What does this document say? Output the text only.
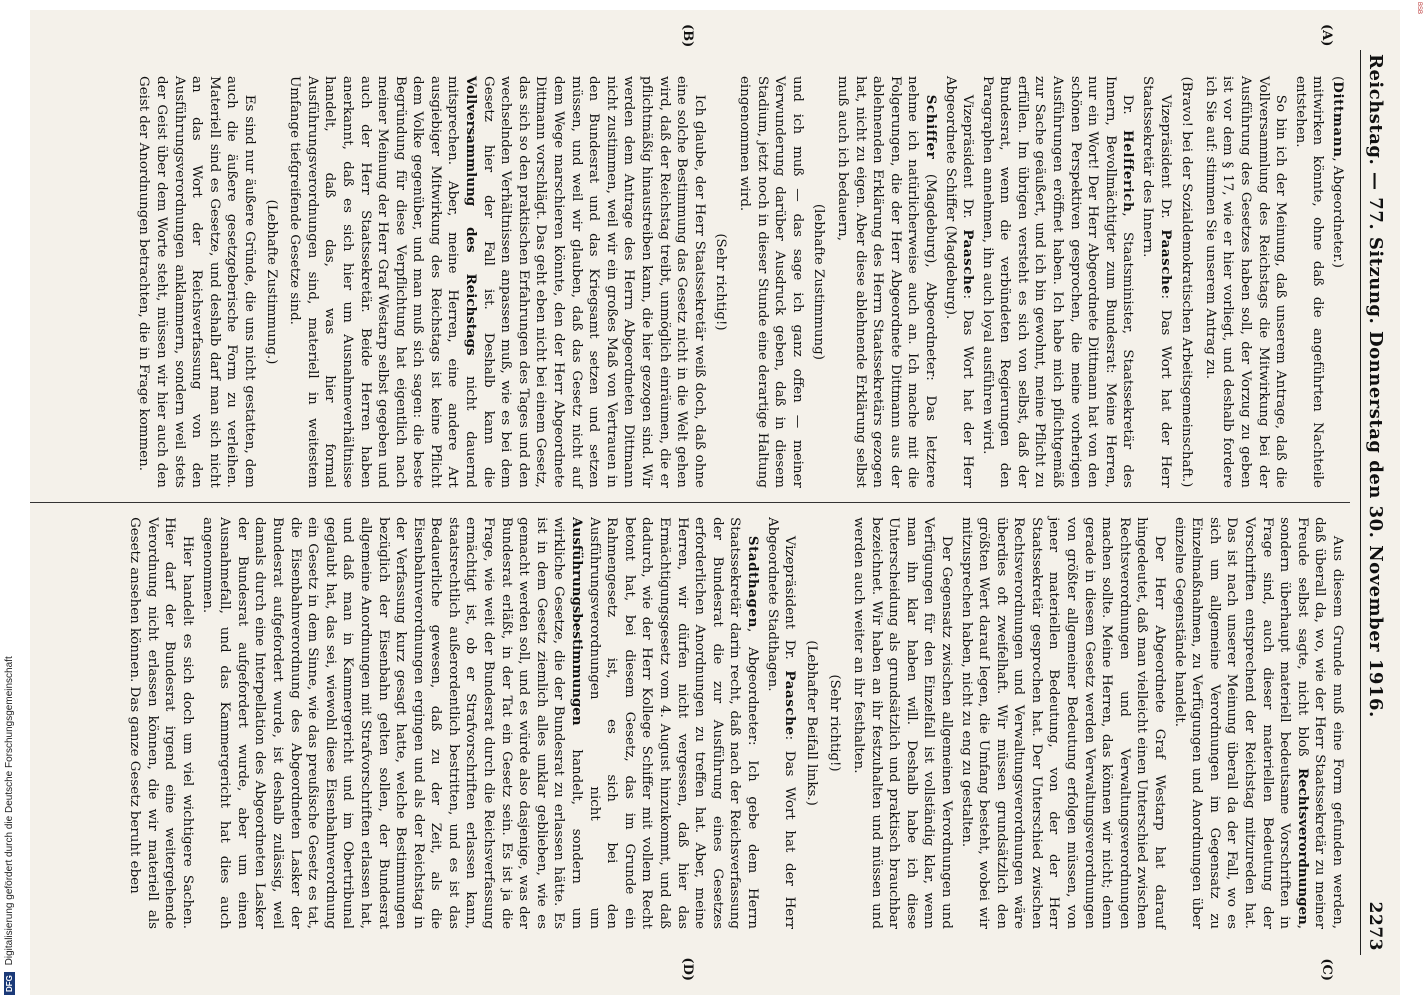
Reichstag. — 77. Sitzung. Donnerstag den 30. November 1916.
2273
(A)
(B)
(C)
(D)

(Dittmann, Abgeordneter.)

mitwirken könnte, ohne daß die angeführten Nachteile entstehen.

So bin ich der Meinung, daß unserem Antrage, daß die Vollversammlung des Reichstags die Mitwirkung bei der Ausführung des Gesetzes haben soll, der Vorzug zu geben ist vor dem § 17, wie er hier vorliegt, und deshalb fordere ich Sie auf: stimmen Sie unserem Antrag zu.

(Bravo! bei der Sozialdemokratischen Arbeitsgemeinschaft.)

Vizepräsident Dr. Paasche: Das Wort hat der Herr Staatssekretär des Innern.

Dr. Helfferich, Staatsminister, Staatssekretär des Innern, Bevollmächtigter zum Bundesrat: Meine Herren, nur ein Wort! Der Herr Abgeordnete Dittmann hat von den schönen Perspektiven gesprochen, die meine vorherigen Ausführungen eröffnet haben. Ich habe mich pflichtgemäß zur Sache geäußert, und ich bin gewohnt, meine Pflicht zu erfüllen. Im übrigen versteht es sich von selbst, daß der Bundesrat, wenn die verbündeten Regierungen den Paragraphen annehmen, ihn auch loyal ausführen wird.

Vizepräsident Dr. Paasche: Das Wort hat der Herr Abgeordnete Schiffer (Magdeburg).

Schiffer (Magdeburg), Abgeordneter: Das letztere nehme ich natürlicherweise auch an. Ich mache mit die Folgerungen, die der Herr Abgeordnete Dittmann aus der ablehnenden Erklärung des Herrn Staatssekretärs gezogen hat, nicht zu eigen. Aber diese ablehnende Erklärung selbst muß auch ich bedauern,

(lebhafte Zustimmung)

und ich muß — das sage ich ganz offen — meiner Verwunderung darüber Ausdruck geben, daß in diesem Stadium, jetzt noch in dieser Stunde eine derartige Haltung eingenommen wird.

(Sehr richtig!)

Ich glaube, der Herr Staatssekretär weiß doch, daß ohne eine solche Bestimmung das Gesetz nicht in die Welt gehen wird, daß der Reichstag treibt, unmöglich einräumen, die er pflichtmäßig hinaustreiben kann, die hier gezogen sind. Wir werden dem Antrage des Herrn Abgeordneten Dittmann nicht zustimmen, weil wir ein großes Maß von Vertrauen in den Bundesrat und das Kriegsamt setzen und setzen müssen, und weil wir glauben, daß das Gesetz nicht auf dem Wege marschieren könnte, den der Herr Abgeordnete Dittmann vorschlägt. Das geht eben nicht bei einem Gesetz, das sich so den praktischen Erfahrungen des Tages und den wechselnden Verhältnissen anpassen muß, wie es bei dem Gesetz hier der Fall ist. Deshalb kann die Vollversammlung des Reichstags nicht dauernd mitsprechen. Aber, meine Herren, eine andere Art ausgiebiger Mitwirkung des Reichstags ist keine Pflicht dem Volke gegenüber, und man muß sich sagen: die beste Begründung für diese Verpflichtung hat eigentlich nach meiner Meinung der Herr Graf Westarp selbst gegeben und auch der Herr Staatssekretär. Beide Herren haben anerkannt, daß es sich hier um Ausnahmeverhältnisse handelt, daß das, was hier formal Ausführungsverordnungen sind, materiell in weitestem Umfange tiefgreifende Gesetze sind.

(Lebhafte Zustimmung.)

Es sind nur äußere Gründe, die uns nicht gestatten, dem auch die äußere gesetzgeberische Form zu verleihen. Materiell sind es Gesetze, und deshalb darf man sich nicht an das Wort der Reichsverfassung von den Ausführungsverordnungen anklammern, sondern weil stets der Geist über dem Worte steht, müssen wir hier auch den Geist der Anordnungen betrachten, die in Frage kommen.

Aus diesem Grunde muß eine Form gefunden werden, daß überall da, wo, wie der Herr Staatssekretär zu meiner Freude selbst sagte, nicht bloß Rechtsverordnungen, sondern überhaupt materiell bedeutsame Vorschriften in Frage sind, auch dieser materiellen Bedeutung der Vorschriften entsprechend der Reichstag mitzureden hat. Das ist nach unserer Meinung überall da der Fall, wo es sich um allgemeine Verordnungen im Gegensatz zu Einzelmaßnahmen, zu Verfügungen und Anordnungen über einzelne Gegenstände handelt.

Der Herr Abgeordnete Graf Westarp hat darauf hingedeutet, daß man vielleicht einen Unterschied zwischen Rechtsverordnungen und Verwaltungsverordnungen machen sollte. Meine Herren, das können wir nicht; denn gerade in diesem Gesetz werden Verwaltungsverordnungen von größter allgemeiner Bedeutung erfolgen müssen, von jener materiellen Bedeutung, von der der Herr Staatssekretär gesprochen hat. Der Unterschied zwischen Rechtsverordnungen und Verwaltungsverordnungen wäre überdies oft zweifelhaft. Wir müssen grundsätzlich den größten Wert darauf legen, die Umfang besteht, wobei wir mitzusprechen haben, nicht zu eng zu gestalten.

Der Gegensatz zwischen allgemeinen Verordnungen und Verfügungen für den Einzelfall ist vollständig klar, wenn man ihn klar haben will. Deshalb habe ich diese Unterscheidung als grundsätzlich und praktisch brauchbar bezeichnet. Wir haben an ihr festzuhalten und müssen und werden auch weiter an ihr festhalten.

(Sehr richtig!)

(Lebhafter Beifall links.)

Vizepräsident Dr. Paasche: Das Wort hat der Herr Abgeordnete Stadthagen.

Stadthagen, Abgeordneter: Ich gebe dem Herrn Staatssekretär darin recht, daß nach der Reichsverfassung der Bundesrat die zur Ausführung eines Gesetzes erforderlichen Anordnungen zu treffen hat. Aber, meine Herren, wir dürfen nicht vergessen, daß hier das Ermächtigungsgesetz vom 4. August hinzukommt, und daß dadurch, wie der Herr Kollege Schiffer mit vollem Recht betont hat, bei diesem Gesetz, das im Grunde ein Rahmengesetz ist, es sich bei den Ausführungsverordnungen nicht um Ausführungsbestimmungen handelt, sondern um wirkliche Gesetze, die der Bundesrat zu erlassen hätte. Es ist in dem Gesetz ziemlich alles unklar geblieben, wie es gemacht werden soll, und es würde also dasjenige, was der Bundesrat erläßt, in der Tat ein Gesetz sein. Es ist ja die Frage, wie weit der Bundesrat durch die Reichsverfassung ermächtigt ist, ob er Strafvorschriften erlassen kann, staatsrechtlich außerordentlich bestritten, und es ist das Bedauerliche gewesen, daß zu der Zeit, als die Eisenbahnverordnungen ergingen und als der Reichstag in der Verfassung kurz gesagt hatte, welche Bestimmungen bezüglich der Eisenbahn gelten sollen, der Bundesrat allgemeine Anordnungen mit Strafvorschriften erlassen hat, und daß man in Kammergericht und im Obertribunal geglaubt hat, das sei, wiewohl diese Eisenbahnverordnung ein Gesetz in dem Sinne, wie das preußische Gesetz es tat, die Eisenbahnverordnung des Abgeordneten Lasker der Bundesrat aufgefordert wurde, ist deshalb zulässig, weil damals durch eine Interpellation des Abgeordneten Lasker der Bundesrat aufgefordert wurde, aber um einen Ausnahmefall, und das Kammergericht hat dies auch angenommen.

Hier handelt es sich doch um viel wichtigere Sachen. Hier darf der Bundesrat irgend eine weitergehende Verordnung nicht erlassen können, die wir materiell als Gesetz ansehen können. Das ganze Gesetz beruht eben

DFG Digitalisierung gefördert durch die Deutsche Forschungsgemeinschaft
BSB
